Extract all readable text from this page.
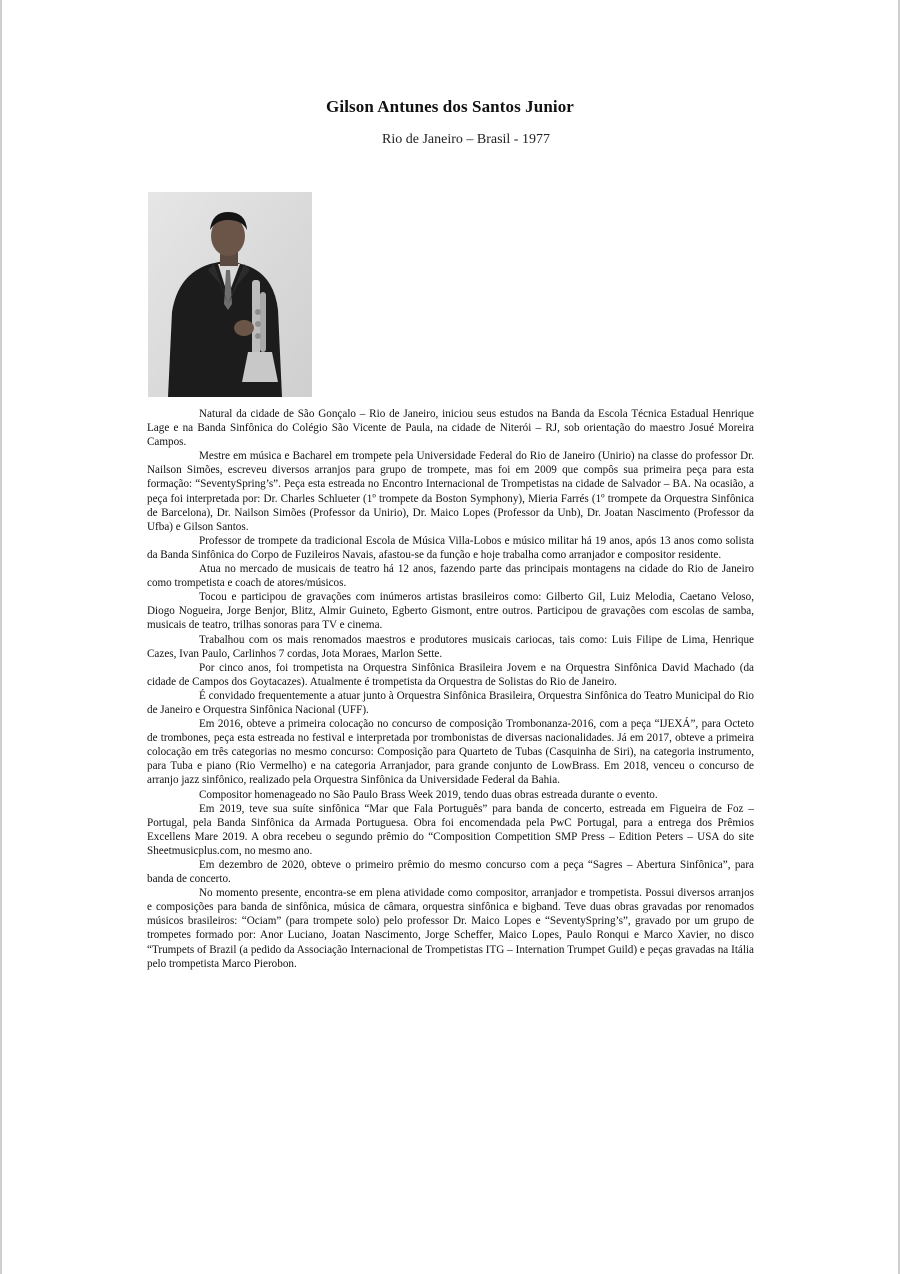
Gilson Antunes dos Santos Junior
Rio de Janeiro – Brasil - 1977

Natural da cidade de São Gonçalo – Rio de Janeiro, iniciou seus estudos na Banda da Escola Técnica Estadual Henrique Lage e na Banda Sinfônica do Colégio São Vicente de Paula, na cidade de Niterói – RJ, sob orientação do maestro Josué Moreira Campos.

Mestre em música e Bacharel em trompete pela Universidade Federal do Rio de Janeiro (Unirio) na classe do professor Dr. Nailson Simões, escreveu diversos arranjos para grupo de trompete, mas foi em 2009 que compôs sua primeira peça para esta formação: “SeventySpring’s”. Peça esta estreada no Encontro Internacional de Trompetistas na cidade de Salvador – BA. Na ocasião, a peça foi interpretada por: Dr. Charles Schlueter (1º trompete da Boston Symphony), Mieria Farrés (1º trompete da Orquestra Sinfônica de Barcelona), Dr. Nailson Simões (Professor da Unirio), Dr. Maico Lopes (Professor da Unb), Dr. Joatan Nascimento (Professor da Ufba) e Gilson Santos.

Professor de trompete da tradicional Escola de Música Villa-Lobos e músico militar há 19 anos, após 13 anos como solista da Banda Sinfônica do Corpo de Fuzileiros Navais, afastou-se da função e hoje trabalha como arranjador e compositor residente.

Atua no mercado de musicais de teatro há 12 anos, fazendo parte das principais montagens na cidade do Rio de Janeiro como trompetista e coach de atores/músicos.

Tocou e participou de gravações com inúmeros artistas brasileiros como: Gilberto Gil, Luiz Melodia, Caetano Veloso, Diogo Nogueira, Jorge Benjor, Blitz, Almir Guineto, Egberto Gismont, entre outros. Participou de gravações com escolas de samba, musicais de teatro, trilhas sonoras para TV e cinema.

Trabalhou com os mais renomados maestros e produtores musicais cariocas, tais como: Luis Filipe de Lima, Henrique Cazes, Ivan Paulo, Carlinhos 7 cordas, Jota Moraes, Marlon Sette.

Por cinco anos, foi trompetista na Orquestra Sinfônica Brasileira Jovem e na Orquestra Sinfônica David Machado (da cidade de Campos dos Goytacazes). Atualmente é trompetista da Orquestra de Solistas do Rio de Janeiro.

É convidado frequentemente a atuar junto à Orquestra Sinfônica Brasileira, Orquestra Sinfônica do Teatro Municipal do Rio de Janeiro e Orquestra Sinfônica Nacional (UFF).

Em 2016, obteve a primeira colocação no concurso de composição Trombonanza-2016, com a peça “IJEXÁ”, para Octeto de trombones, peça esta estreada no festival e interpretada por trombonistas de diversas nacionalidades. Já em 2017, obteve a primeira colocação em três categorias no mesmo concurso: Composição para Quarteto de Tubas (Casquinha de Siri), na categoria instrumento, para Tuba e piano (Rio Vermelho) e na categoria Arranjador, para grande conjunto de LowBrass. Em 2018, venceu o concurso de arranjo jazz sinfônico, realizado pela Orquestra Sinfônica da Universidade Federal da Bahia.

Compositor homenageado no São Paulo Brass Week 2019, tendo duas obras estreada durante o evento.

Em 2019, teve sua suíte sinfônica “Mar que Fala Português” para banda de concerto, estreada em Figueira de Foz – Portugal, pela Banda Sinfônica da Armada Portuguesa. Obra foi encomendada pela PwC Portugal, para a entrega dos Prêmios Excellens Mare 2019. A obra recebeu o segundo prêmio do “Composition Competition SMP Press – Edition Peters – USA do site Sheetmusicplus.com, no mesmo ano.

Em dezembro de 2020, obteve o primeiro prêmio do mesmo concurso com a peça “Sagres – Abertura Sinfônica”, para banda de concerto.

No momento presente, encontra-se em plena atividade como compositor, arranjador e trompetista. Possui diversos arranjos e composições para banda de sinfônica, música de câmara, orquestra sinfônica e bigband. Teve duas obras gravadas por renomados músicos brasileiros: “Ociam” (para trompete solo) pelo professor Dr. Maico Lopes e “SeventySpring’s”, gravado por um grupo de trompetes formado por: Anor Luciano, Joatan Nascimento, Jorge Scheffer, Maico Lopes, Paulo Ronqui e Marco Xavier, no disco “Trumpets of Brazil (a pedido da Associação Internacional de Trompetistas ITG – Internation Trumpet Guild) e peças gravadas na Itália pelo trompetista Marco Pierobon.
